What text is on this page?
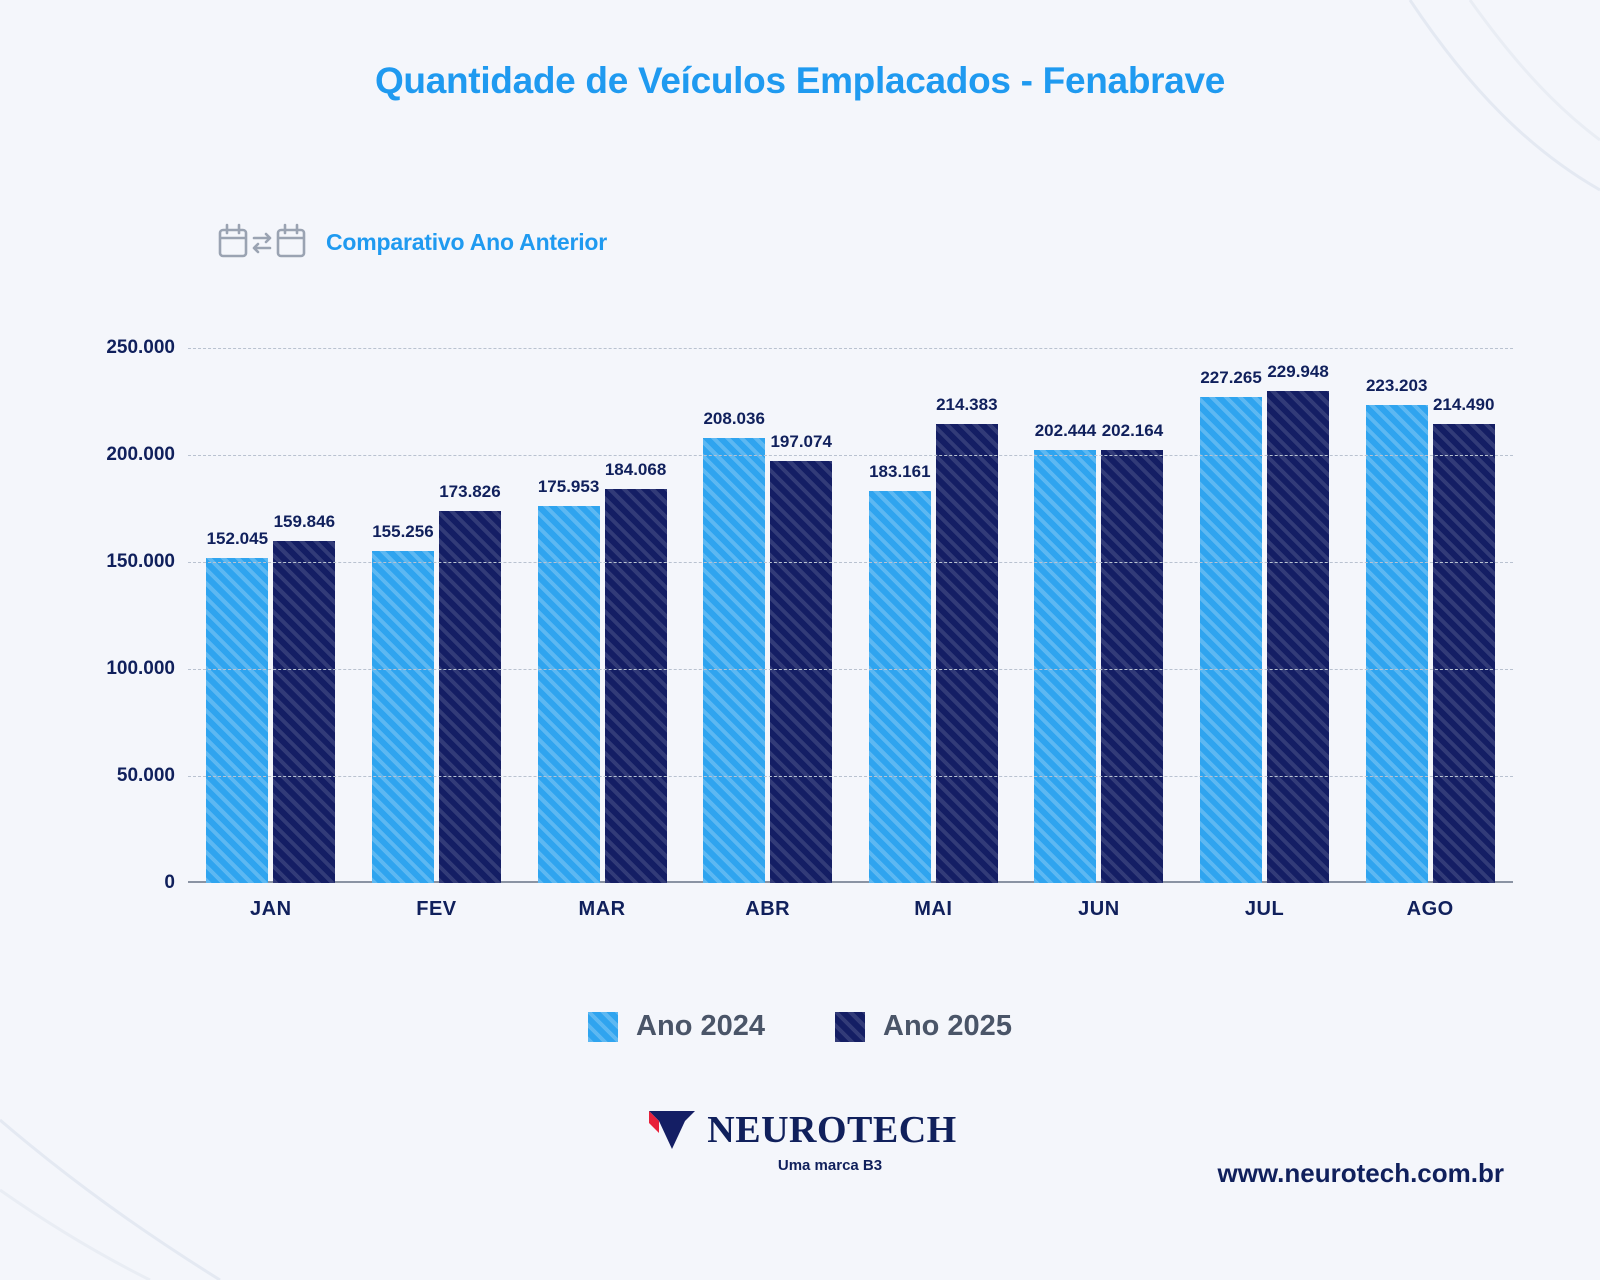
Quantidade de Veículos Emplacados - Fenabrave
Comparativo Ano Anterior
152.045
159.846
155.256
173.826 175.953
184.068
208.036
197.074
183.161
214.383
202.444 202.164
227.265 229.948
223.203
214.490
0
50.000
100.000
150.000
200.000
250.000
JAN	FEV	MAR	ABR	MAI	JUN	JUL	AGO
Ano 2024	Ano 2025
NEUROTECH
Uma marca B3	www.neurotech.com.br
